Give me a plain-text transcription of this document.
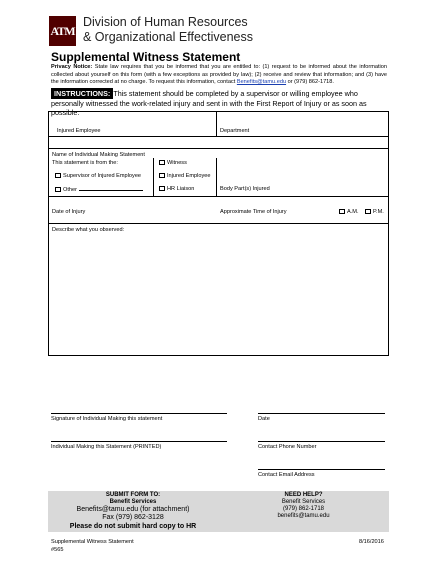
ATM
Division of Human Resources
& Organizational Effectiveness
Supplemental Witness Statement
Privacy Notice: State law requires that you be informed that you are entitled to: (1) request to be informed about the information collected about yourself on this form (with a few exceptions as provided by law); (2) receive and review that information; and (3) have the information corrected at no charge. To request this information, contact Benefits@tamu.edu or (979) 862-1718.
INSTRUCTIONS: This statement should be completed by a supervisor or willing employee who personally witnessed the work-related injury and sent in with the First Report of Injury or as soon as possible.
Injured Employee	Department
Name of Individual Making Statement
This statement is from the:
Supervisor of Injured Employee
Other
Witness
Injured Employee
HR Liaison	Body Part(s) Injured
Date of Injury	Approximate Time of Injury	A.M.	P.M.
Describe what you observed:
Signature of Individual Making this statement	Date
Individual Making this Statement (PRINTED)	Contact Phone Number
Contact Email Address
SUBMIT FORM TO:
Benefit Services
Benefits@tamu.edu (for attachment)
Fax (979) 862-3128
Please do not submit hard copy to HR
NEED HELP?
Benefit Services
(979) 862-1718
benefits@tamu.edu
Supplemental Witness Statement
#565
8/16/2016
